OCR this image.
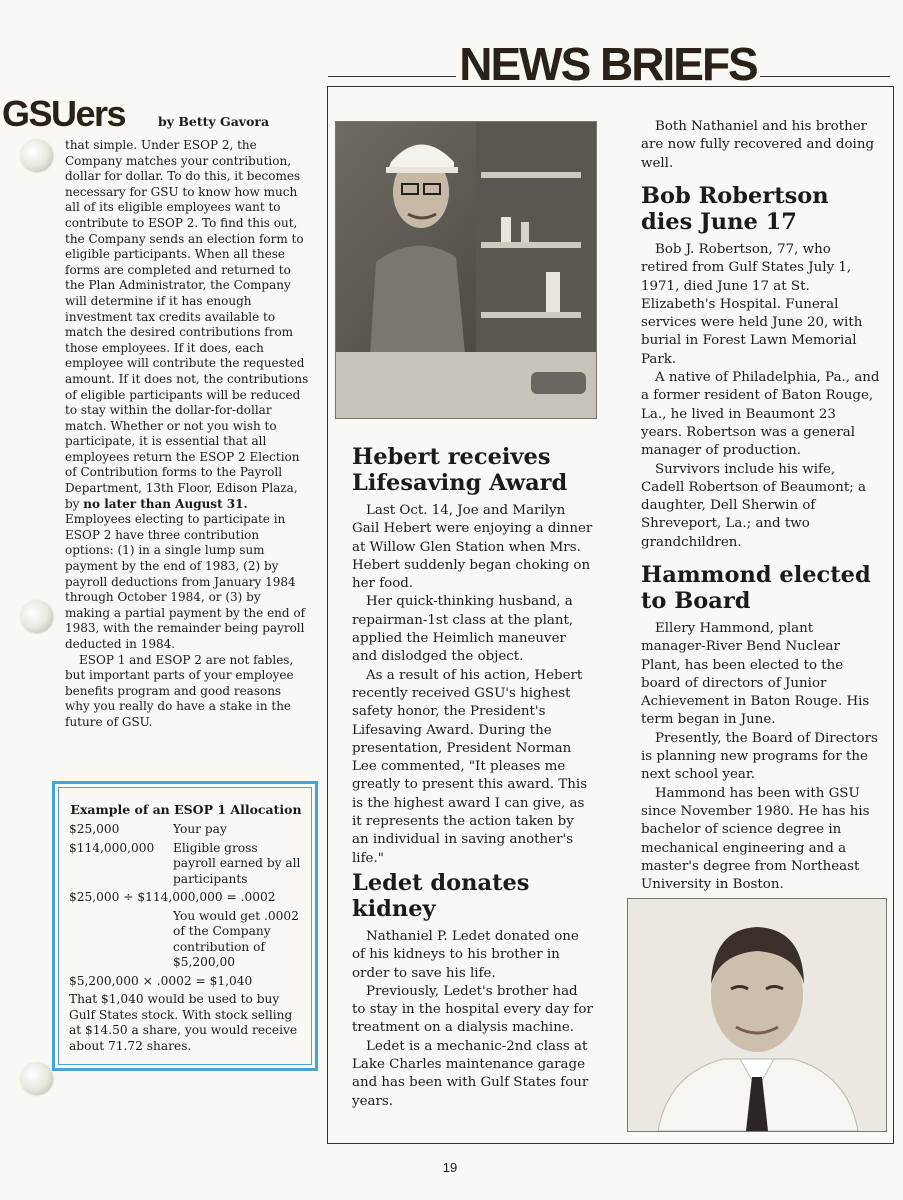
NEWS BRIEFS
GSUers	by Betty Gavora

that simple. Under ESOP 2, the Company matches your contribution, dollar for dollar. To do this, it becomes necessary for GSU to know how much all of its eligible employees want to contribute to ESOP 2. To find this out, the Company sends an election form to eligible participants. When all these forms are completed and returned to the Plan Administrator, the Company will determine if it has enough investment tax credits available to match the desired contributions from those employees. If it does, each employee will contribute the requested amount. If it does not, the contributions of eligible participants will be reduced to stay within the dollar-for-dollar match. Whether or not you wish to participate, it is essential that all employees return the ESOP 2 Election of Contribution forms to the Payroll Department, 13th Floor, Edison Plaza, by no later than August 31. Employees electing to participate in ESOP 2 have three contribution options: (1) in a single lump sum payment by the end of 1983, (2) by payroll deductions from January 1984 through October 1984, or (3) by making a partial payment by the end of 1983, with the remainder being payroll deducted in 1984.

ESOP 1 and ESOP 2 are not fables, but important parts of your employee benefits program and good reasons why you really do have a stake in the future of GSU.

Example of an ESOP 1 Allocation
$25,000	Your pay
$114,000,000	Eligible gross payroll earned by all participants
$25,000 ÷ $114,000,000 = .0002
You would get .0002 of the Company contribution of $5,200,00
$5,200,000 × .0002 = $1,040
That $1,040 would be used to buy Gulf States stock. With stock selling at $14.50 a share, you would receive about 71.72 shares.
Hebert receives Lifesaving Award

Last Oct. 14, Joe and Marilyn Gail Hebert were enjoying a dinner at Willow Glen Station when Mrs. Hebert suddenly began choking on her food.

Her quick-thinking husband, a repairman-1st class at the plant, applied the Heimlich maneuver and dislodged the object.

As a result of his action, Hebert recently received GSU's highest safety honor, the President's Lifesaving Award. During the presentation, President Norman Lee commented, "It pleases me greatly to present this award. This is the highest award I can give, as it represents the action taken by an individual in saving another's life."

Ledet donates kidney

Nathaniel P. Ledet donated one of his kidneys to his brother in order to save his life.

Previously, Ledet's brother had to stay in the hospital every day for treatment on a dialysis machine.

Ledet is a mechanic-2nd class at Lake Charles maintenance garage and has been with Gulf States four years.

Both Nathaniel and his brother are now fully recovered and doing well.

Bob Robertson dies June 17

Bob J. Robertson, 77, who retired from Gulf States July 1, 1971, died June 17 at St. Elizabeth's Hospital. Funeral services were held June 20, with burial in Forest Lawn Memorial Park.

A native of Philadelphia, Pa., and a former resident of Baton Rouge, La., he lived in Beaumont 23 years. Robertson was a general manager of production.

Survivors include his wife, Cadell Robertson of Beaumont; a daughter, Dell Sherwin of Shreveport, La.; and two grandchildren.

Hammond elected to Board

Ellery Hammond, plant manager-River Bend Nuclear Plant, has been elected to the board of directors of Junior Achievement in Baton Rouge. His term began in June.

Presently, the Board of Directors is planning new programs for the next school year.

Hammond has been with GSU since November 1980. He has his bachelor of science degree in mechanical engineering and a master's degree from Northeast University in Boston.

19
